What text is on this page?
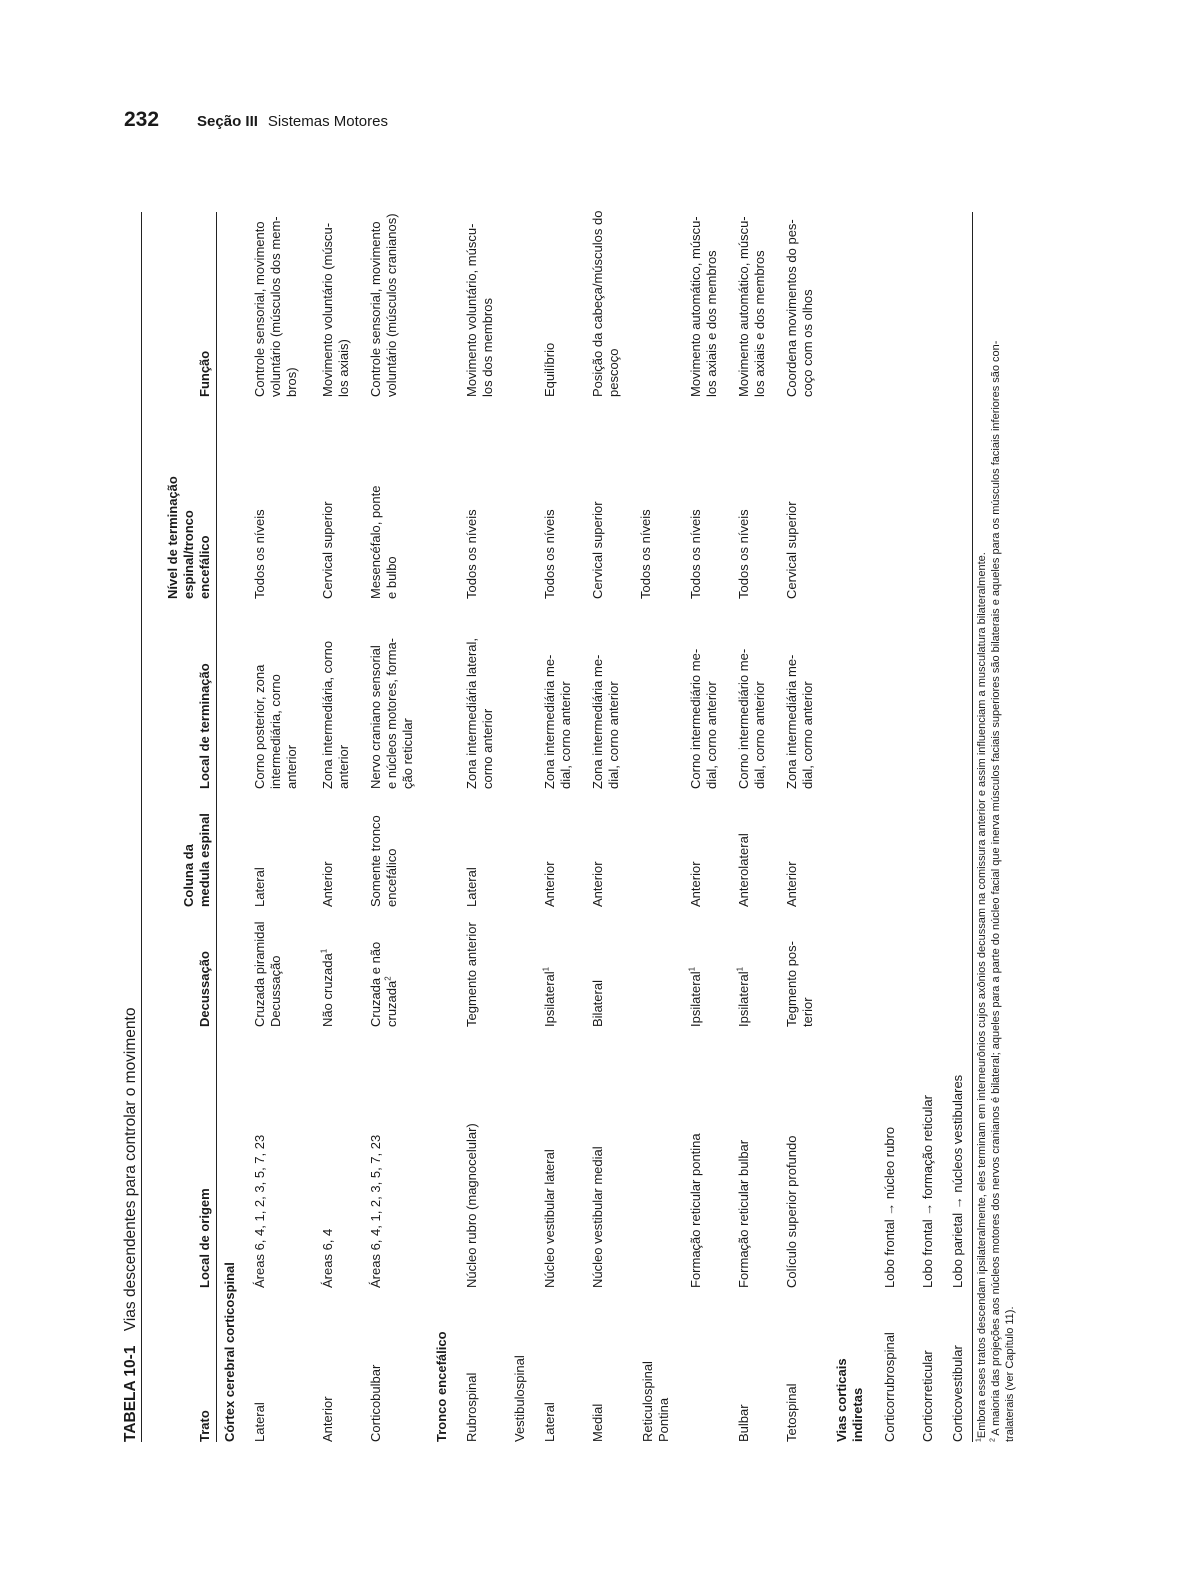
232	Seção III Sistemas Motores
TABELA 10-1 Vias descendentes para controlar o movimento
Trato
Local de origem
Decussação
Coluna da medula espinal
Local de terminação
Nível de terminação espinal/tronco encefálico
Função
Córtex cerebral corticospinal Lateral
Áreas 6, 4, 1, 2, 3, 5, 7, 23
Cruzada piramidal Decussação
Lateral
Corno posterior, zona intermediária, corno anterior
Todos os níveis
Controle sensorial, movimento voluntário (músculos dos mem- bros)
Anterior
Áreas 6, 4
Não cruzada$^1$
Anterior
Zona intermediária, corno anterior
Cervical superior
Movimento voluntário (múscu- los axiais)
Corticobulbar
Áreas 6, 4, 1, 2, 3, 5, 7, 23
Cruzada e não cruzada$^2$
Somente tronco encefálico
Nervo craniano sensorial e núcleos motores, forma- ção reticular
Mesencéfalo, ponte e bulbo
Controle sensorial, movimento voluntário (músculos cranianos)
Tronco encefálico Rubrospinal
Núcleo rubro (magnocelular)
Tegmento anterior
Lateral
Zona intermediária lateral, corno anterior
Todos os níveis
Movimento voluntário, múscu- los dos membros
Vestibulospinal Lateral
Núcleo vestibular lateral
Ipsilateral$^1$
Anterior
Zona intermediária me- dial, corno anterior
Todos os níveis
Equilíbrio
Medial
Núcleo vestibular medial
Bilateral
Anterior
Zona intermediária me- dial, corno anterior
Cervical superior
Posição da cabeça/músculos do pescoço
Reticulospinal
Todos os níveis
Pontina
Formação reticular pontina
Ipsilateral$^1$
Anterior
Corno intermediário me- dial, corno anterior
Todos os níveis
Movimento automático, múscu- los axiais e dos membros
Bulbar
Formação reticular bulbar
Ipsilateral$^1$
Anterolateral
Corno intermediário me- dial, corno anterior
Todos os níveis
Movimento automático, múscu- los axiais e dos membros
Tetospinal
Colículo superior profundo
Tegmento pos- terior
Anterior
Zona intermediária me- dial, corno anterior
Cervical superior
Coordena movimentos do pes- coço com os olhos
Vias corticais indiretas Corticorrubrospinal
Lobo frontal → núcleo rubro
Corticorreticular
Lobo frontal → formação reticular
Corticovestibular
Lobo parietal → núcleos vestibulares
$^1$Embora esses tratos descendam ipsilateralmente, eles terminam em interneurônios cujos axônios decussam na comissura anterior e assim influenciam a musculatura bilateralmente.
$^2$ A maioria das projeções aos núcleos motores dos nervos cranianos é bilateral; aqueles para a parte do núcleo facial que inerva músculos faciais superiores são bilaterais e aqueles para os músculos faciais inferiores são con- tralaterais (ver Capítulo 11).
